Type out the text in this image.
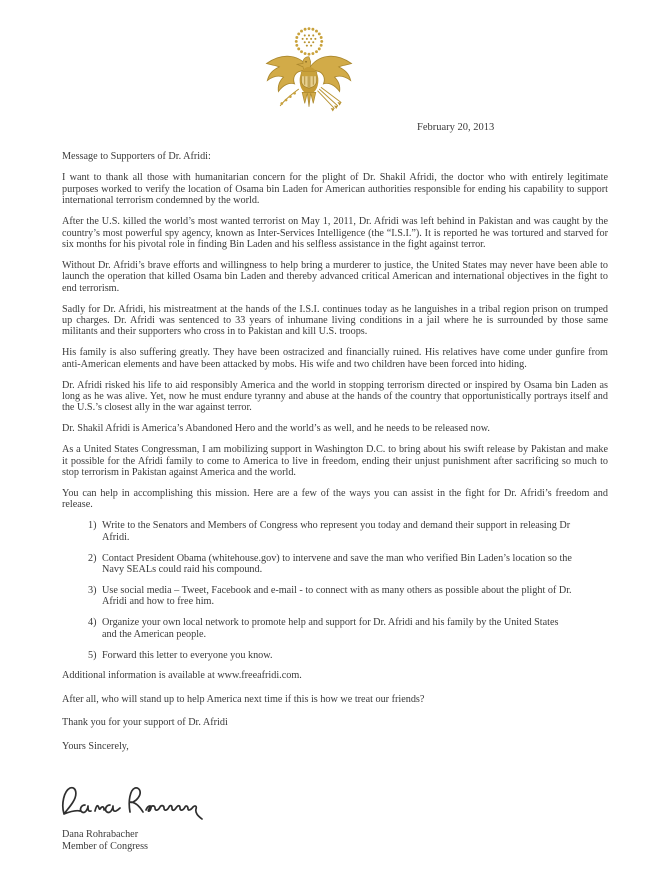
February 20, 2013

Message to Supporters of Dr. Afridi:

I want to thank all those with humanitarian concern for the plight of Dr. Shakil Afridi, the doctor who with entirely legitimate purposes worked to verify the location of Osama bin Laden for American authorities responsible for ending his capability to support international terrorism condemned by the world.

After the U.S. killed the world’s most wanted terrorist on May 1, 2011, Dr. Afridi was left behind in Pakistan and was caught by the country’s most powerful spy agency, known as Inter-Services Intelligence (the “I.S.I.”). It is reported he was tortured and starved for six months for his pivotal role in finding Bin Laden and his selfless assistance in the fight against terror.

Without Dr. Afridi’s brave efforts and willingness to help bring a murderer to justice, the United States may never have been able to launch the operation that killed Osama bin Laden and thereby advanced critical American and international objectives in the fight to end terrorism.

Sadly for Dr. Afridi, his mistreatment at the hands of the I.S.I. continues today as he languishes in a tribal region prison on trumped up charges. Dr. Afridi was sentenced to 33 years of inhumane living conditions in a jail where he is surrounded by those same militants and their supporters who cross in to Pakistan and kill U.S. troops.

His family is also suffering greatly. They have been ostracized and financially ruined. His relatives have come under gunfire from anti-American elements and have been attacked by mobs. His wife and two children have been forced into hiding.

Dr. Afridi risked his life to aid responsibly America and the world in stopping terrorism directed or inspired by Osama bin Laden as long as he was alive. Yet, now he must endure tyranny and abuse at the hands of the country that opportunistically portrays itself and the U.S.’s closest ally in the war against terror.

Dr. Shakil Afridi is America’s Abandoned Hero and the world’s as well, and he needs to be released now.

As a United States Congressman, I am mobilizing support in Washington D.C. to bring about his swift release by Pakistan and make it possible for the Afridi family to come to America to live in freedom, ending their unjust punishment after sacrificing so much to stop terrorism in Pakistan against America and the world.

You can help in accomplishing this mission. Here are a few of the ways you can assist in the fight for Dr. Afridi’s freedom and release.

1) Write to the Senators and Members of Congress who represent you today and demand their support in releasing Dr Afridi.
2) Contact President Obama (whitehouse.gov) to intervene and save the man who verified Bin Laden’s location so the Navy SEALs could raid his compound.
3) Use social media – Tweet, Facebook and e-mail - to connect with as many others as possible about the plight of Dr. Afridi and how to free him.
4) Organize your own local network to promote help and support for Dr. Afridi and his family by the United States and the American people.
5) Forward this letter to everyone you know.

Additional information is available at www.freeafridi.com.

After all, who will stand up to help America next time if this is how we treat our friends?

Thank you for your support of Dr. Afridi

Yours Sincerely,

Dana Rohrabacher
Member of Congress
